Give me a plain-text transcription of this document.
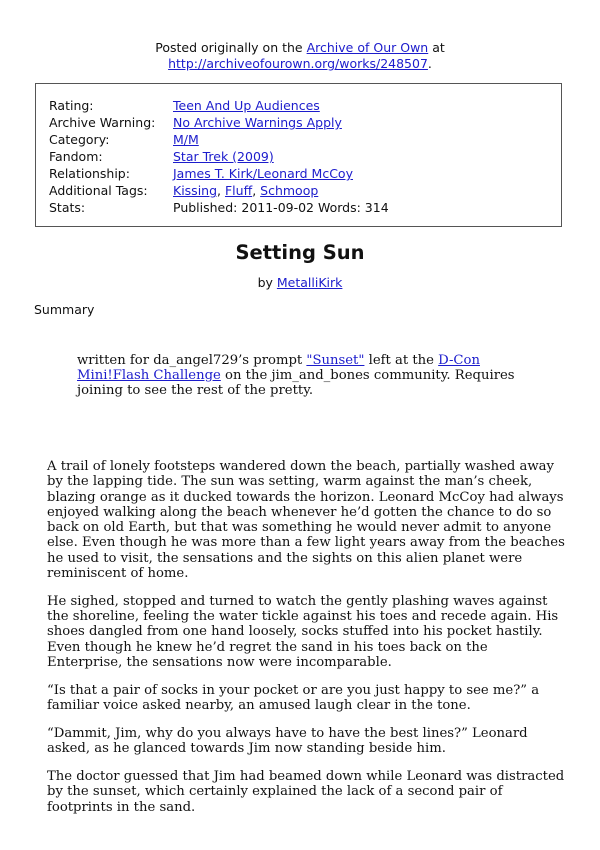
Posted originally on the Archive of Our Own at
http://archiveofourown.org/works/248507.
Rating:	Teen And Up Audiences
Archive Warning:	No Archive Warnings Apply
Category:	M/M
Fandom:	Star Trek (2009)
Relationship:	James T. Kirk/Leonard McCoy
Additional Tags:	Kissing, Fluff, Schmoop
Stats:	Published: 2011-09-02 Words: 314
Setting Sun
by MetalliKirk
Summary
written for da_angel729’s prompt "Sunset" left at the D-Con Mini!Flash Challenge on the jim_and_bones community. Requires joining to see the rest of the pretty.

A trail of lonely footsteps wandered down the beach, partially washed away by the lapping tide. The sun was setting, warm against the man’s cheek, blazing orange as it ducked towards the horizon. Leonard McCoy had always enjoyed walking along the beach whenever he’d gotten the chance to do so back on old Earth, but that was something he would never admit to anyone else. Even though he was more than a few light years away from the beaches he used to visit, the sensations and the sights on this alien planet were reminiscent of home.

He sighed, stopped and turned to watch the gently plashing waves against the shoreline, feeling the water tickle against his toes and recede again. His shoes dangled from one hand loosely, socks stuffed into his pocket hastily. Even though he knew he’d regret the sand in his toes back on the Enterprise, the sensations now were incomparable.

“Is that a pair of socks in your pocket or are you just happy to see me?” a familiar voice asked nearby, an amused laugh clear in the tone.

“Dammit, Jim, why do you always have to have the best lines?” Leonard asked, as he glanced towards Jim now standing beside him.

The doctor guessed that Jim had beamed down while Leonard was distracted by the sunset, which certainly explained the lack of a second pair of footprints in the sand.
